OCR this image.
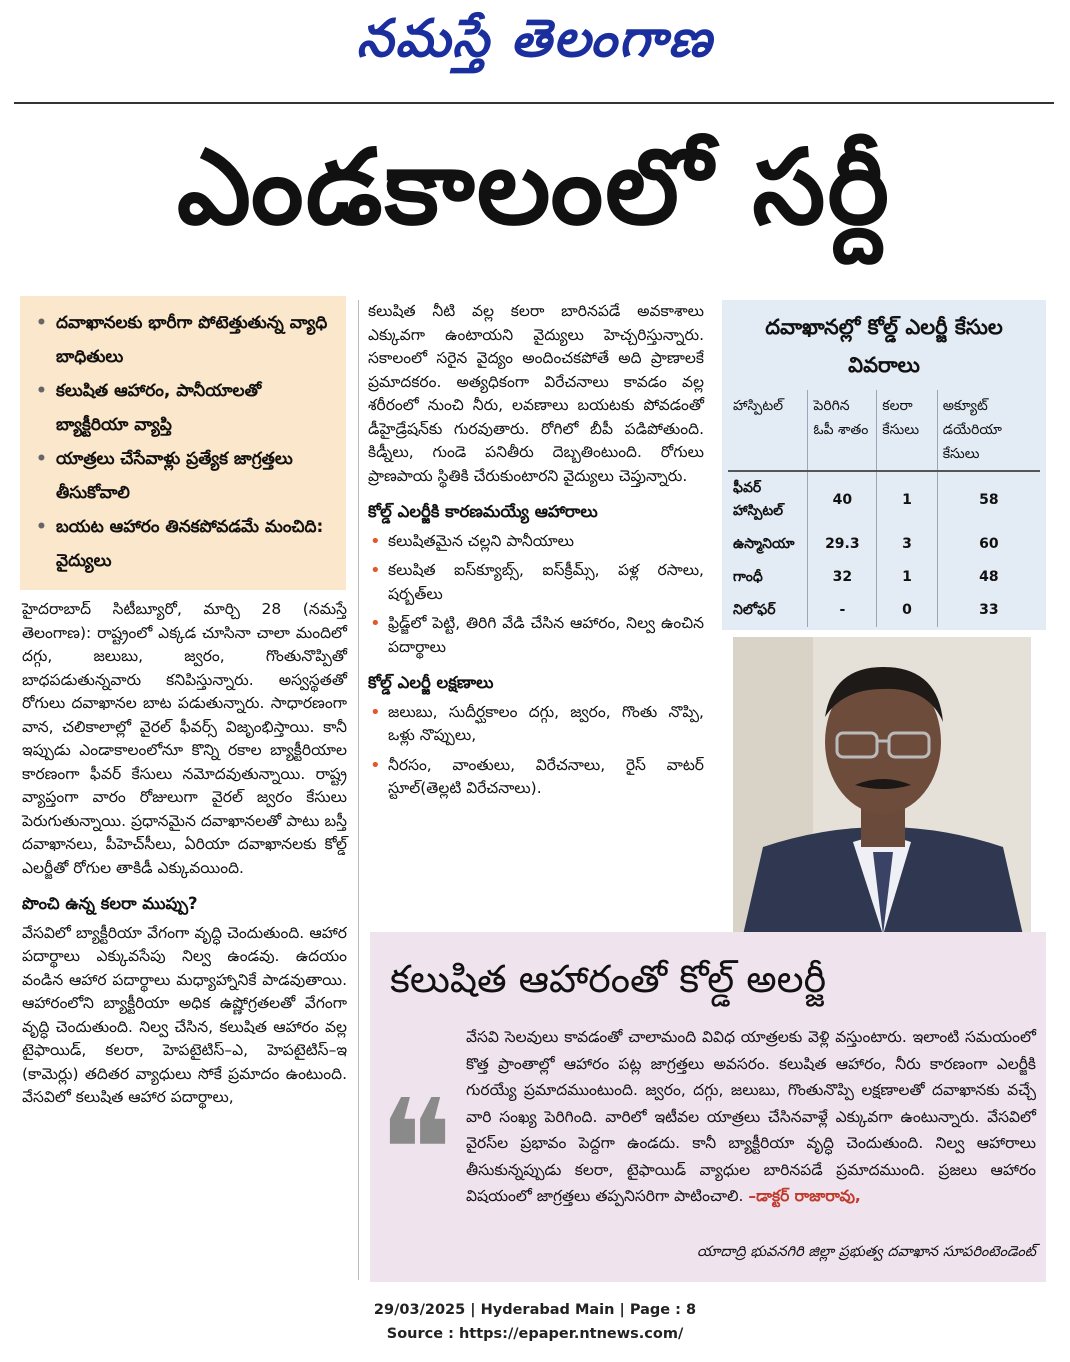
నమస్తే తెలంగాణ
ఎండకాలంలో సర్దీ
• దవాఖానలకు భారీగా పోటెత్తుతున్న వ్యాధి బాధితులు
• కలుషిత ఆహారం, పానీయాలతో బ్యాక్టీరియా వ్యాప్తి
• యాత్రలు చేసేవాళ్లు ప్రత్యేక జాగ్రత్తలు తీసుకోవాలి
• బయట ఆహారం తినకపోవడమే మంచిది: వైద్యులు

హైదరాబాద్ సిటీబ్యూరో, మార్చి 28 (నమస్తే తెలంగాణ): రాష్ట్రంలో ఎక్కడ చూసినా చాలా మందిలో దగ్గు, జలుబు, జ్వరం, గొంతునొప్పితో బాధపడుతున్నవారు కనిపిస్తున్నారు. అస్వస్థతతో రోగులు దవాఖానల బాట పడుతున్నారు. సాధారణంగా వాన, చలికాలాల్లో వైరల్ ఫీవర్స్ విజృంభిస్తాయి. కానీ ఇప్పుడు ఎండాకాలంలోనూ కొన్ని రకాల బ్యాక్టీరియాల కారణంగా ఫీవర్ కేసులు నమోదవుతున్నాయి. రాష్ట్ర వ్యాప్తంగా వారం రోజులుగా వైరల్ జ్వరం కేసులు పెరుగుతున్నాయి. ప్రధానమైన దవాఖానలతో పాటు బస్తీ దవాఖానలు, పీహెచ్‌సీలు, ఏరియా దవాఖానలకు కోల్డ్ ఎలర్జీతో రోగుల తాకిడీ ఎక్కువయింది.

పొంచి ఉన్న కలరా ముప్పు?

వేసవిలో బ్యాక్టీరియా వేగంగా వృద్ధి చెందుతుంది. ఆహార పదార్థాలు ఎక్కువసేపు నిల్వ ఉండవు. ఉదయం వండిన ఆహార పదార్థాలు మధ్యాహ్నానికే పాడవుతాయి. ఆహారంలోని బ్యాక్టీరియా అధిక ఉష్ణోగ్రతలతో వేగంగా వృద్ధి చెందుతుంది. నిల్వ చేసిన, కలుషిత ఆహారం వల్ల టైఫాయిడ్, కలరా, హెపటైటిస్–ఎ, హెపటైటిస్–ఇ (కామెర్లు) తదితర వ్యాధులు సోకే ప్రమాదం ఉంటుంది. వేసవిలో కలుషిత ఆహార పదార్థాలు,

కలుషిత నీటి వల్ల కలరా బారినపడే అవకాశాలు ఎక్కువగా ఉంటాయని వైద్యులు హెచ్చరిస్తున్నారు. సకాలంలో సరైన వైద్యం అందించకపోతే అది ప్రాణాలకే ప్రమాదకరం. అత్యధికంగా విరేచనాలు కావడం వల్ల శరీరంలో నుంచి నీరు, లవణాలు బయటకు పోవడంతో డీహైడ్రేషన్‌కు గురవుతారు. రోగిలో బీపీ పడిపోతుంది. కిడ్నీలు, గుండె పనితీరు దెబ్బతింటుంది. రోగులు ప్రాణపాయ స్థితికి చేరుకుంటారని వైద్యులు చెప్తున్నారు.

కోల్డ్ ఎలర్జీకి కారణమయ్యే ఆహారాలు
• కలుషితమైన చల్లని పానీయాలు
• కలుషిత ఐస్‌క్యూబ్స్, ఐస్‌క్రీమ్స్, పళ్ల రసాలు, షర్బత్‌లు
• ఫ్రిడ్జ్‌లో పెట్టి, తిరిగి వేడి చేసిన ఆహారం, నిల్వ ఉంచిన పదార్థాలు
కోల్డ్ ఎలర్జీ లక్షణాలు
• జలుబు, సుదీర్ఘకాలం దగ్గు, జ్వరం, గొంతు నొప్పి, ఒళ్లు నొప్పులు,
• నీరసం, వాంతులు, విరేచనాలు, రైస్ వాటర్ స్టూల్(తెల్లటి విరేచనాలు).
దవాఖానల్లో కోల్డ్ ఎలర్జీ కేసుల వివరాలు
హాస్పిటల్	పెరిగిన ఓపీ శాతం	కలరా కేసులు	అక్యూట్ డయేరియా కేసులు
ఫీవర్ హాస్పిటల్	40	1	58
ఉస్మానియా	29.3	3	60
గాంధీ	32	1	48
నిలోఫర్	-	0	33
కలుషిత ఆహారంతో కోల్డ్ అలర్జీ
❝
వేసవి సెలవులు కావడంతో చాలామంది వివిధ యాత్రలకు వెళ్లి వస్తుంటారు. ఇలాంటి సమయంలో కొత్త ప్రాంతాల్లో ఆహారం పట్ల జాగ్రత్తలు అవసరం. కలుషిత ఆహారం, నీరు కారణంగా ఎలర్జీకి గురయ్యే ప్రమాదముంటుంది. జ్వరం, దగ్గు, జలుబు, గొంతునొప్పి లక్షణాలతో దవాఖానకు వచ్చే వారి సంఖ్య పెరిగింది. వారిలో ఇటీవల యాత్రలు చేసినవాళ్లే ఎక్కువగా ఉంటున్నారు. వేసవిలో వైరస్‌ల ప్రభావం పెద్దగా ఉండదు. కానీ బ్యాక్టీరియా వృద్ధి చెందుతుంది. నిల్వ ఆహారాలు తీసుకున్నప్పుడు కలరా, టైఫాయిడ్ వ్యాధుల బారినపడే ప్రమాదముంది. ప్రజలు ఆహారం విషయంలో జాగ్రత్తలు తప్పనిసరిగా పాటించాలి. –డాక్టర్ రాజారావు,
యాదాద్రి భువనగిరి జిల్లా ప్రభుత్వ దవాఖాన సూపరింటెండెంట్
29/03/2025 | Hyderabad Main | Page : 8
Source : https://epaper.ntnews.com/
